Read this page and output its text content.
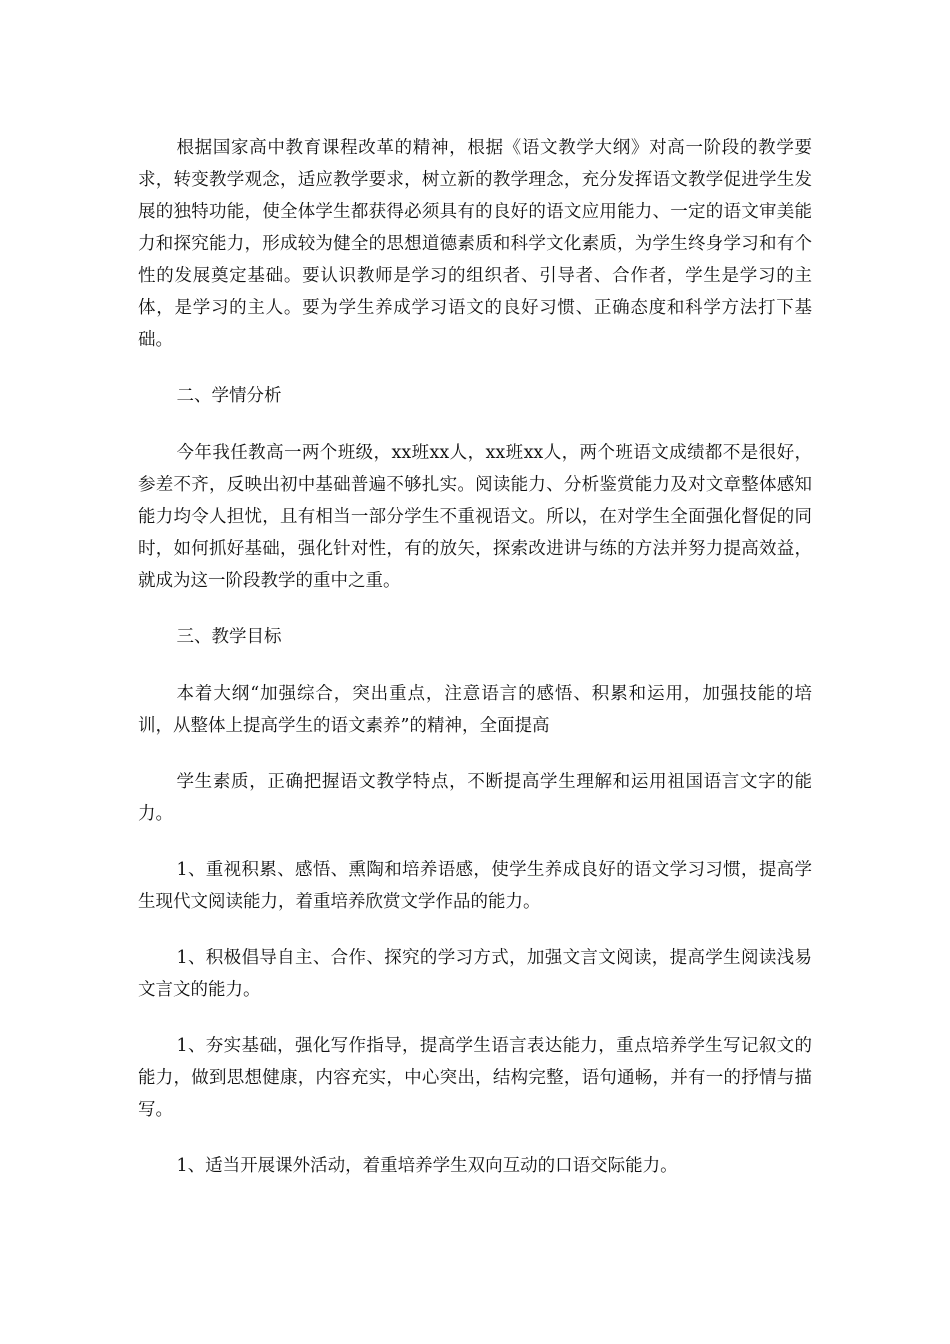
根据国家高中教育课程改革的精神，根据《语文教学大纲》对高一阶段的教学要求，转变教学观念，适应教学要求，树立新的教学理念，充分发挥语文教学促进学生发展的独特功能，使全体学生都获得必须具有的良好的语文应用能力、一定的语文审美能力和探究能力，形成较为健全的思想道德素质和科学文化素质，为学生终身学习和有个性的发展奠定基础。要认识教师是学习的组织者、引导者、合作者，学生是学习的主体，是学习的主人。要为学生养成学习语文的良好习惯、正确态度和科学方法打下基础。

二、学情分析

今年我任教高一两个班级，xx班xx人，xx班xx人，两个班语文成绩都不是很好，参差不齐，反映出初中基础普遍不够扎实。阅读能力、分析鉴赏能力及对文章整体感知能力均令人担忧，且有相当一部分学生不重视语文。所以，在对学生全面强化督促的同时，如何抓好基础，强化针对性，有的放矢，探索改进讲与练的方法并努力提高效益，就成为这一阶段教学的重中之重。

三、教学目标

本着大纲“加强综合，突出重点，注意语言的感悟、积累和运用，加强技能的培训，从整体上提高学生的语文素养”的精神，全面提高

学生素质，正确把握语文教学特点，不断提高学生理解和运用祖国语言文字的能力。

1、重视积累、感悟、熏陶和培养语感，使学生养成良好的语文学习习惯，提高学生现代文阅读能力，着重培养欣赏文学作品的能力。

1、积极倡导自主、合作、探究的学习方式，加强文言文阅读，提高学生阅读浅易文言文的能力。

1、夯实基础，强化写作指导，提高学生语言表达能力，重点培养学生写记叙文的能力，做到思想健康，内容充实，中心突出，结构完整，语句通畅，并有一的抒情与描写。

1、适当开展课外活动，着重培养学生双向互动的口语交际能力。
